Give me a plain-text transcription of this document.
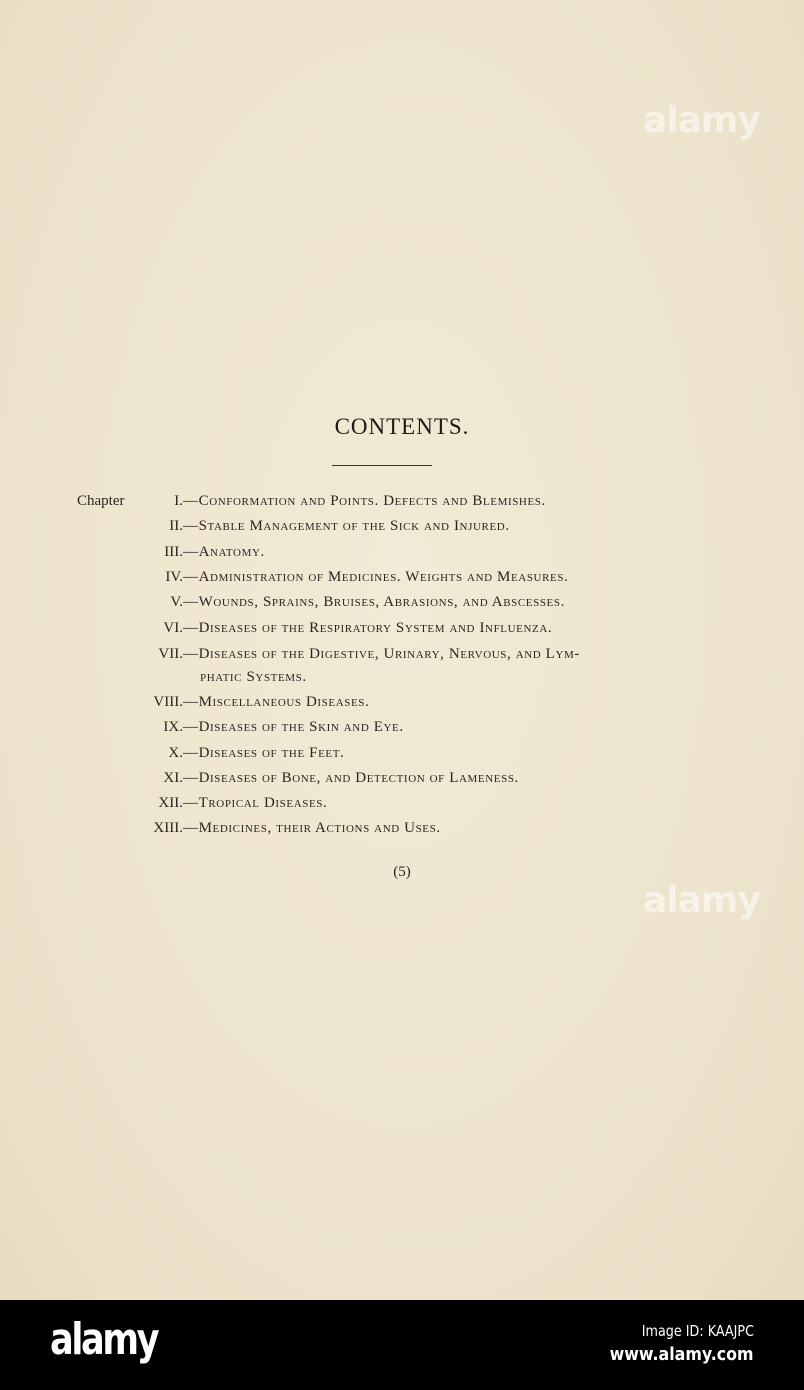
alamy
alamy
CONTENTS.
Chapter	I. —Conformation and Points. Defects and Blemishes.
II. —Stable Management of the Sick and Injured.
III. —Anatomy.
IV. —Administration of Medicines. Weights and Measures.
V. —Wounds, Sprains, Bruises, Abrasions, and Abscesses.
VI. —Diseases of the Respiratory System and Influenza.
VII. —Diseases of the Digestive, Urinary, Nervous, and Lym-
phatic Systems.
VIII. —Miscellaneous Diseases.
IX. —Diseases of the Skin and Eye.
X. —Diseases of the Feet.
XI. —Diseases of Bone, and Detection of Lameness.
XII. —Tropical Diseases.
XIII. —Medicines, their Actions and Uses.
(5)
alamy	Image ID: KAAJPC
www.alamy.com
